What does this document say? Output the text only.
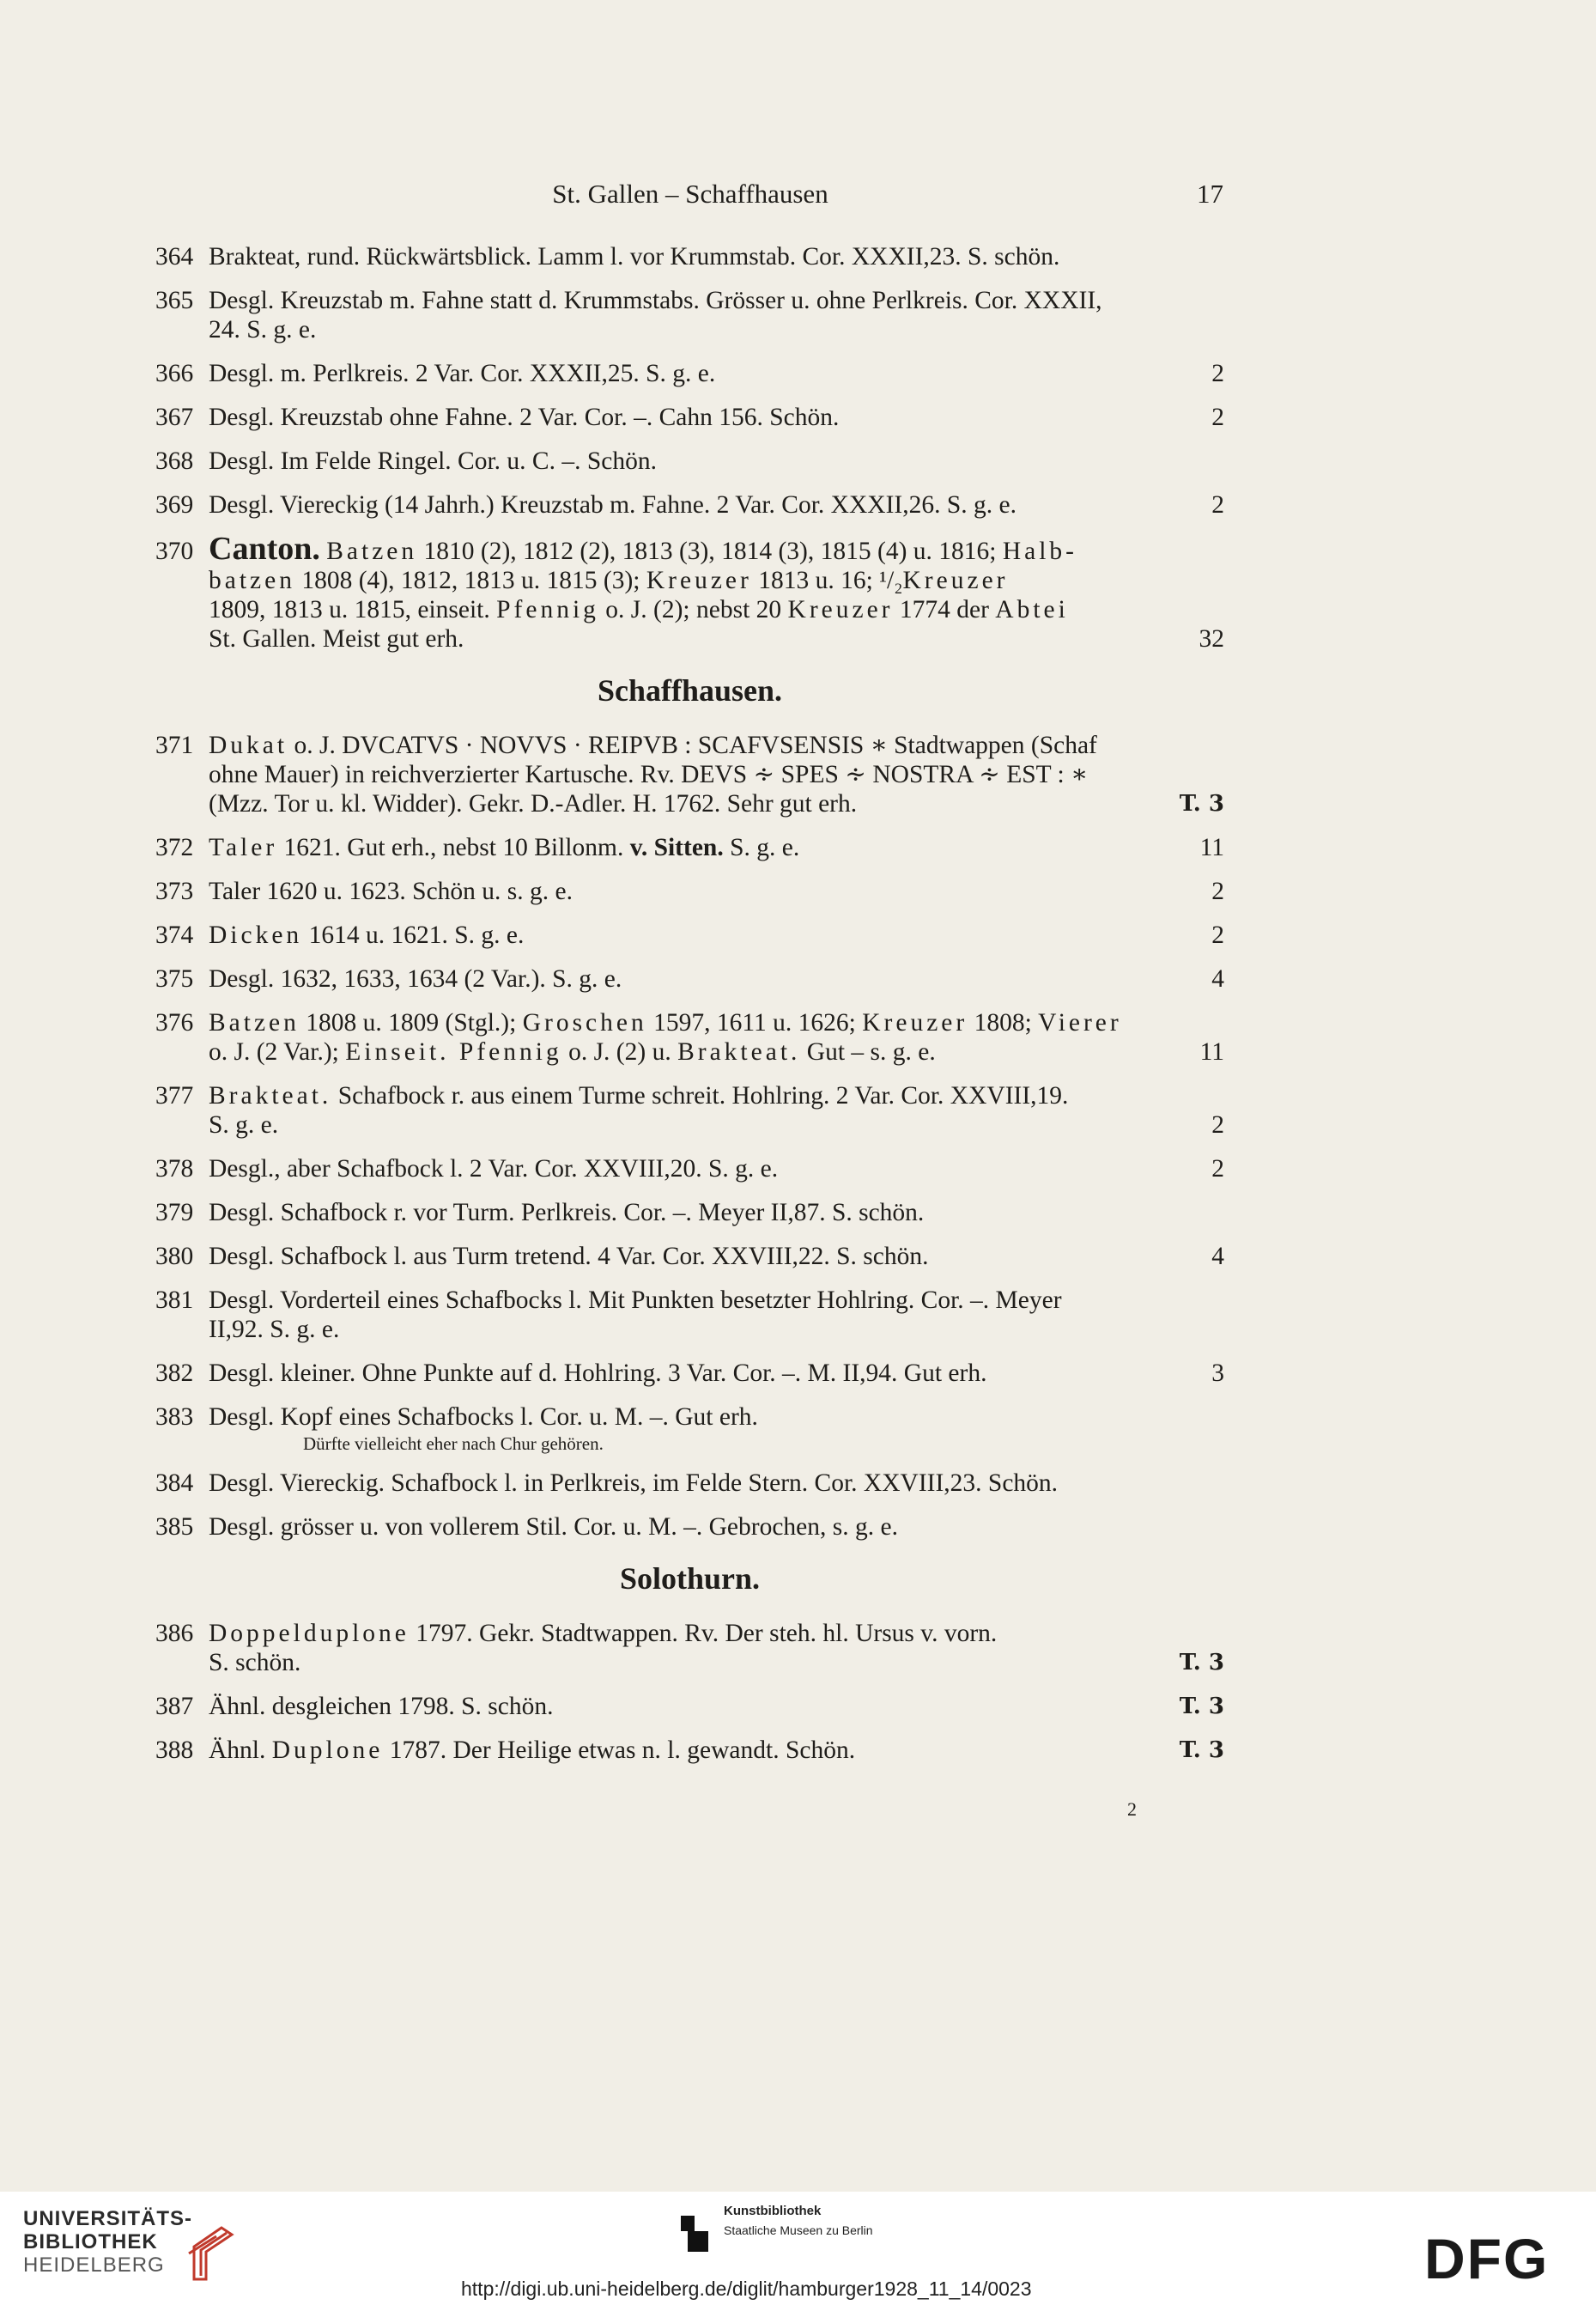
St. Gallen – Schaffhausen	17
364 Brakteat, rund. Rückwärtsblick. Lamm l. vor Krummstab. Cor. XXXII,23. S. schön.
365 Desgl. Kreuzstab m. Fahne statt d. Krummstabs. Grösser u. ohne Perlkreis. Cor. XXXII,
24. S. g. e.
366 Desgl. m. Perlkreis. 2 Var. Cor. XXXII,25. S. g. e.	2
367 Desgl. Kreuzstab ohne Fahne. 2 Var. Cor. –. Cahn 156. Schön.	2
368 Desgl. Im Felde Ringel. Cor. u. C. –. Schön.
369 Desgl. Viereckig (14 Jahrh.) Kreuzstab m. Fahne. 2 Var. Cor. XXXII,26. S. g. e.	2
370 Canton. Batzen 1810 (2), 1812 (2), 1813 (3), 1814 (3), 1815 (4) u. 1816; Halb-
batzen 1808 (4), 1812, 1813 u. 1815 (3); Kreuzer 1813 u. 16; ¹/₂Kreuzer
1809, 1813 u. 1815, einseit. Pfennig o. J. (2); nebst 20 Kreuzer 1774 der Abtei
St. Gallen. Meist gut erh.	32
Schaffhausen.
371 Dukat o. J. DVCATVS · NOVVS · REIPVB : SCAFVSENSIS ∗ Stadtwappen (Schaf
ohne Mauer) in reichverzierter Kartusche. Rv. DEVS ∻ SPES ∻ NOSTRA ∻ EST : ∗
(Mzz. Tor u. kl. Widder). Gekr. D.-Adler. H. 1762. Sehr gut erh.	T. 3
372 Taler 1621. Gut erh., nebst 10 Billonm. v. Sitten. S. g. e.	11
373 Taler 1620 u. 1623. Schön u. s. g. e.	2
374 Dicken 1614 u. 1621. S. g. e.	2
375 Desgl. 1632, 1633, 1634 (2 Var.). S. g. e.	4
376 Batzen 1808 u. 1809 (Stgl.); Groschen 1597, 1611 u. 1626; Kreuzer 1808; Vierer
o. J. (2 Var.); Einseit. Pfennig o. J. (2) u. Brakteat. Gut – s. g. e.	11
377 Brakteat. Schafbock r. aus einem Turme schreit. Hohlring. 2 Var. Cor. XXVIII,19.
S. g. e.	2
378 Desgl., aber Schafbock l. 2 Var. Cor. XXVIII,20. S. g. e.	2
379 Desgl. Schafbock r. vor Turm. Perlkreis. Cor. –. Meyer II,87. S. schön.
380 Desgl. Schafbock l. aus Turm tretend. 4 Var. Cor. XXVIII,22. S. schön.	4
381 Desgl. Vorderteil eines Schafbocks l. Mit Punkten besetzter Hohlring. Cor. –. Meyer
II,92. S. g. e.
382 Desgl. kleiner. Ohne Punkte auf d. Hohlring. 3 Var. Cor. –. M. II,94. Gut erh.	3
383 Desgl. Kopf eines Schafbocks l. Cor. u. M. –. Gut erh.
Dürfte vielleicht eher nach Chur gehören.
384 Desgl. Viereckig. Schafbock l. in Perlkreis, im Felde Stern. Cor. XXVIII,23. Schön.
385 Desgl. grösser u. von vollerem Stil. Cor. u. M. –. Gebrochen, s. g. e.
Solothurn.
386 Doppelduplone 1797. Gekr. Stadtwappen. Rv. Der steh. hl. Ursus v. vorn.
S. schön.	T. 3
387 Ähnl. desgleichen 1798. S. schön.	T. 3
388 Ähnl. Duplone 1787. Der Heilige etwas n. l. gewandt. Schön.	T. 3
2
UNIVERSITÄTS-
BIBLIOTHEK
HEIDELBERG
Kunstbibliothek
Staatliche Museen zu Berlin	DFG
http://digi.ub.uni-heidelberg.de/diglit/hamburger1928_11_14/0023
